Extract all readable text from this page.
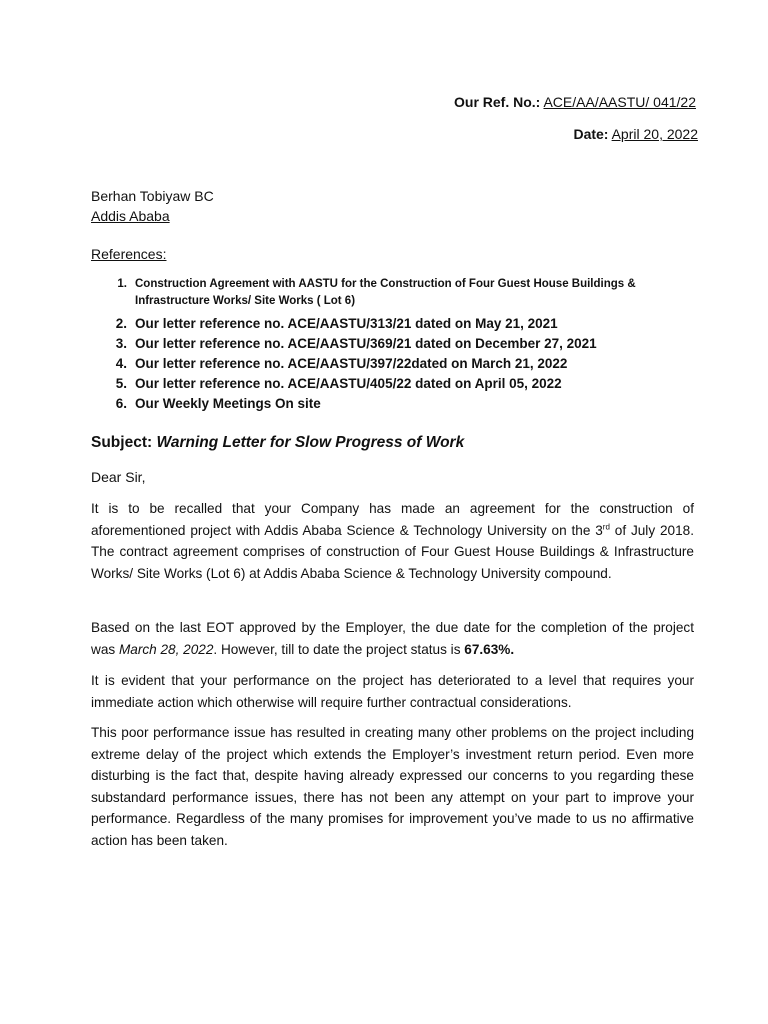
Our Ref. No.: ACE/AA/AASTU/ 041/22
Date: April 20, 2022
Berhan Tobiyaw BC
Addis Ababa
References:
1. Construction Agreement with AASTU for the Construction of Four Guest House Buildings & Infrastructure Works/ Site Works ( Lot 6)
2. Our letter reference no. ACE/AASTU/313/21 dated on May 21, 2021
3. Our letter reference no. ACE/AASTU/369/21 dated on December 27, 2021
4. Our letter reference no. ACE/AASTU/397/22dated on March 21, 2022
5. Our letter reference no. ACE/AASTU/405/22 dated on April 05, 2022
6. Our Weekly Meetings On site
Subject: Warning Letter for Slow Progress of Work
Dear Sir,
It is to be recalled that your Company has made an agreement for the construction of aforementioned project with Addis Ababa Science & Technology University on the 3rd of July 2018. The contract agreement comprises of construction of Four Guest House Buildings & Infrastructure Works/ Site Works (Lot 6) at Addis Ababa Science & Technology University compound.
Based on the last EOT approved by the Employer, the due date for the completion of the project was March 28, 2022. However, till to date the project status is 67.63%.
It is evident that your performance on the project has deteriorated to a level that requires your immediate action which otherwise will require further contractual considerations.
This poor performance issue has resulted in creating many other problems on the project including extreme delay of the project which extends the Employer’s investment return period. Even more disturbing is the fact that, despite having already expressed our concerns to you regarding these substandard performance issues, there has not been any attempt on your part to improve your performance. Regardless of the many promises for improvement you’ve made to us no affirmative action has been taken.
